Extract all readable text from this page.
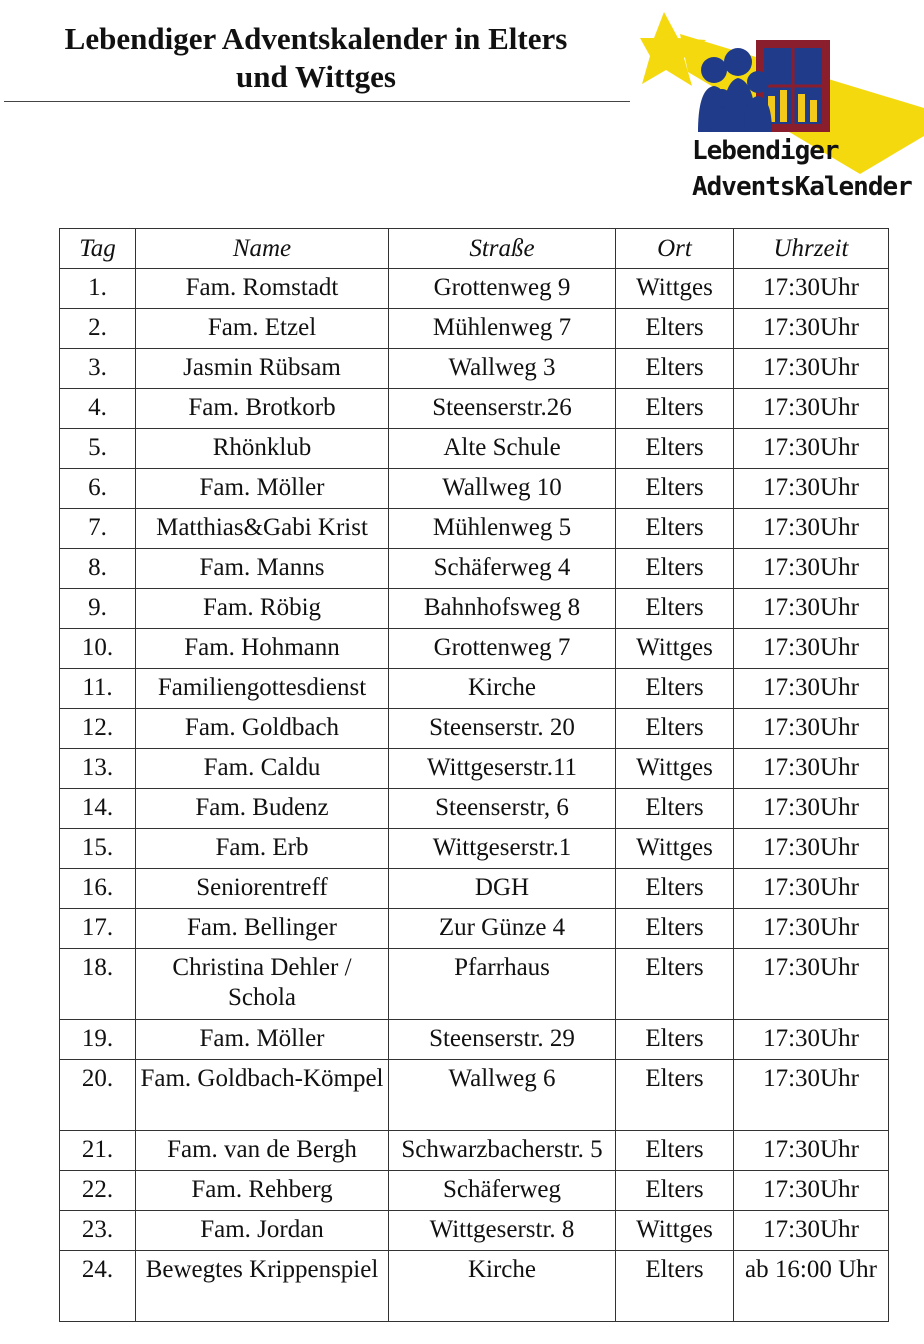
Lebendiger Adventskalender in Elters
und Wittges
Lebendiger
AdventsKalender
Tag	Name	Straße	Ort	Uhrzeit
1.	Fam. Romstadt	Grottenweg 9	Wittges	17:30Uhr
2.	Fam. Etzel	Mühlenweg 7	Elters	17:30Uhr
3.	Jasmin Rübsam	Wallweg 3	Elters	17:30Uhr
4.	Fam. Brotkorb	Steenserstr.26	Elters	17:30Uhr
5.	Rhönklub	Alte Schule	Elters	17:30Uhr
6.	Fam. Möller	Wallweg 10	Elters	17:30Uhr
7.	Matthias&Gabi Krist	Mühlenweg 5	Elters	17:30Uhr
8.	Fam. Manns	Schäferweg 4	Elters	17:30Uhr
9.	Fam. Röbig	Bahnhofsweg 8	Elters	17:30Uhr
10.	Fam. Hohmann	Grottenweg 7	Wittges	17:30Uhr
11.	Familiengottesdienst	Kirche	Elters	17:30Uhr
12.	Fam. Goldbach	Steenserstr. 20	Elters	17:30Uhr
13.	Fam. Caldu	Wittgeserstr.11	Wittges	17:30Uhr
14.	Fam. Budenz	Steenserstr, 6	Elters	17:30Uhr
15.	Fam. Erb	Wittgeserstr.1	Wittges	17:30Uhr
16.	Seniorentreff	DGH	Elters	17:30Uhr
17.	Fam. Bellinger	Zur Günze 4	Elters	17:30Uhr
18.	Christina Dehler / Schola	Pfarrhaus	Elters	17:30Uhr
19.	Fam. Möller	Steenserstr. 29	Elters	17:30Uhr
20.	Fam. Goldbach-Kömpel	Wallweg 6	Elters	17:30Uhr
21.	Fam. van de Bergh	Schwarzbacherstr. 5	Elters	17:30Uhr
22.	Fam. Rehberg	Schäferweg	Elters	17:30Uhr
23.	Fam. Jordan	Wittgeserstr. 8	Wittges	17:30Uhr
24.	Bewegtes Krippenspiel	Kirche	Elters	ab 16:00 Uhr
